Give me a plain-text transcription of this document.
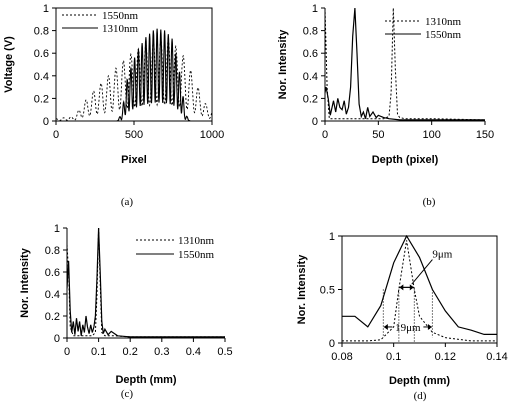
0
0.2
0.4
0.6
0.8
1
0	500	1000
Pixel
Voltage (V)
(a)
1550nm
1310nm
0
0.2
0.4
0.6
0.8
1
0	50	100	150
Depth (pixel)
Nor. Intensity
(b)
1310nm
1550nm
0
0.2
0.4
0.6
0.8
1
0 0.1 0.2 0.3 0.4 0.5
Depth (mm)
Nor. Intensity
(c)
1310nm
1550nm
0
0.5
1
0.08	0.1	0.12	0.14
Depth (mm)
Nor. Intensity
(d)
9μm
19μm
